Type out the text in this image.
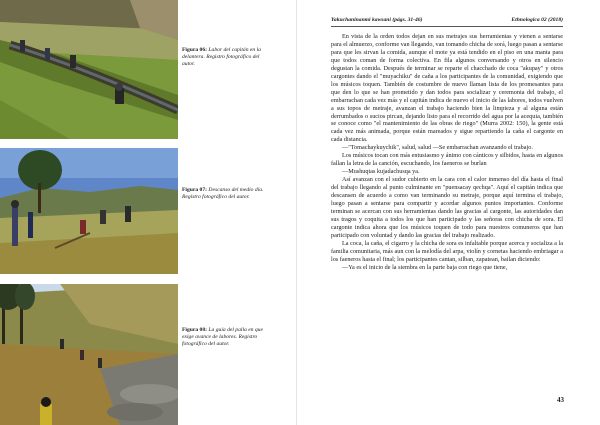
Figura 06: Labor del capitán en la delantera. Registro fotográfico del autor.
Figura 07: Descanso del medio día. Registro fotográfico del autor.
Figura 08: La guía del palla en que exige avance de labores. Registro fotográfico del autor.
Yakuchaninanmi kawsani (págs. 31-46)	Ethnologica 02 (2018)

En vista de la orden todos dejan en sus metrajes sus herramientas y vienen a sentarse para el almuerzo, conforme van llegando, van tomando chicha de sorá, luego pasan a sentarse para que les sirvan la comida, aunque el mote ya está tendido en el piso en una manta para que todos coman de forma colectiva. En fila algunos conversando y otros en silencio degustan la comida. Después de terminar se reparte el chacchado de coca "akupay" y otros cargontes dando el "muyachiku" de caña a los participantes de la comunidad, exigiendo que los músicos toquen. También de costumbre de nuevo llaman lista de los promesantes para que den lo que se han prometido y dan todos para socializar y ceremonia del trabajo, el embarrachan cada vez más y el capitán indica de nuevo el inicio de las labores, todos vuelven a sus topos de metraje, avanzan el trabajo haciendo bien la limpieza y al alguna están derrumbados o sucios pircan, dejando listo para el recorrido del agua por la acequia, también se conoce como "el mantenimiento de las obras de riego" (Murra 2002: 150), la gente está cada vez más animada, porque están mareados y sigue repartiendo la caña el cargonte en cada distancia.

—"Tomachaykuychik", salud, salud —Se embarrachan avanzando el trabajo.

Los músicos tocan con más entusiasmo y ánimo con cánticos y silbidos, hasta en algunos fallan la letra de la canción, escuchando, los faeneros se burlan

—Mushuqtas kujadachusqa ya.

Así avanzan con el sudor cubierto en la cara con el calor inmenso del día hasta el final del trabajo llegando al punto culminante en "puensacay qechqa". Aquí el capitán indica que descansen de acuerdo a como van terminando su metraje, porque aquí termina el trabajo, luego pasan a sentarse para compartir y acordar algunos puntos importantes. Conforme terminan se acercan con sus herramientas dando las gracias al cargonte, las autoridades dan sus tragos y coquita a todos los que han participado y las señoras con chicha de sora. El cargonte indica ahora que los músicos toquen de todo para nuestros comuneros que han participado con voluntad y dando las gracias del trabajo realizado.

La coca, la caña, el cigarro y la chicha de sora es infaltable porque acerca y socializa a la familia comunitaria, más aun con la melodía del arpa, violín y cornetas haciendo embriagar a los faeneros hasta el final; los participantes cantan, silban, zapatean, bailan diciendo:

—Ya es el inicio de la siembra en la parte baja con riego que tiene,

43
